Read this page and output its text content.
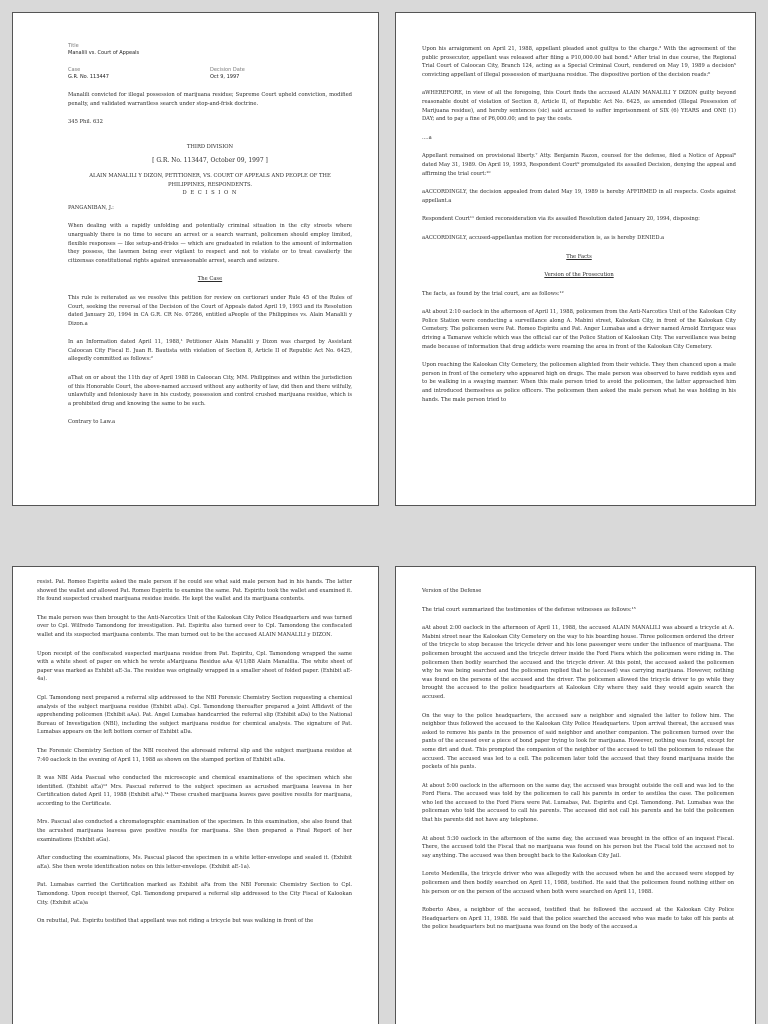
Title
Manalili vs. Court of Appeals
Case
G.R. No. 113447
Decision Date
Oct 9, 1997
Manalili convicted for illegal possession of marijuana residue; Supreme Court upheld conviction, modified penalty, and validated warrantless search under stop-and-frisk doctrine.
345 Phil. 632
THIRD DIVISION
[ G.R. No. 113447, October 09, 1997 ]
ALAIN MANALILI Y DIZON, PETITIONER, VS. COURT OF APPEALS AND PEOPLE OF THE PHILIPPINES, RESPONDENTS.
D E C I S I O N
PANGANIBAN, J.:
When dealing with a rapidly unfolding and potentially criminal situation in the city streets where unarguably there is no time to secure an arrest or a search warrant, policemen should employ limited, flexible responses — like setup-and-frisks — which are graduated in relation to the amount of information they possess, the lawmen being ever vigilant to respect and not to violate or to treat cavalierly the citizensas constitutional rights against unreasonable arrest, search and seizure.
The Case
This rule is reiterated as we resolve this petition for review on certiorari under Rule 45 of the Rules of Court, seeking the reversal of the Decision of the Court of Appeals dated April 19, 1993 and its Resolution dated January 20, 1994 in CA G.R. CR No. 07266, entitled aPeople of the Philippines vs. Alain Manalili y Dizon.a
In an Information dated April 11, 1988,¹ Petitioner Alain Manalili y Dizon was charged by Assistant Caloocan City Fiscal E. Juan R. Bautista with violation of Section 8, Article II of Republic Act No. 6425, allegedly committed as follows:²
aThat on or about the 11th day of April 1988 in Caloocan City, MM. Philippines and within the jurisdiction of this Honorable Court, the above-named accused without any authority of law, did then and there wilfully, unlawfully and feloniously have in his custody, possession and control crushed marijuana residue, which is a prohibited drug and knowing the same to be such.
Contrary to Law.a
Upon his arraignment on April 21, 1988, appellant pleaded anot guiltya to the charge.³ With the agreement of the public prosecutor, appellant was released after filing a P10,000.00 bail bond.⁴ After trial in due course, the Regional Trial Court of Caloocan City, Branch 124, acting as a Special Criminal Court, rendered on May 19, 1989 a decision⁵ convicting appellant of illegal possession of marijuana residue. The dispositive portion of the decision reads:⁶
aWHEREFORE, in view of all the foregoing, this Court finds the accused ALAIN MANALILI Y DIZON guilty beyond reasonable doubt of violation of Section 8, Article II, of Republic Act No. 6425, as amended (Illegal Possession of Marijuana residue), and hereby sentences (sic) said accused to suffer imprisonment of SIX (6) YEARS and ONE (1) DAY; and to pay a fine of P6,000.00; and to pay the costs.
....a
Appellant remained on provisional liberty.⁷ Atty. Benjamin Razon, counsel for the defense, filed a Notice of Appeal⁸ dated May 31, 1989. On April 19, 1993, Respondent Court⁹ promulgated its assailed Decision, denying the appeal and affirming the trial court:¹⁰
aACCORDINGLY, the decision appealed from dated May 19, 1989 is hereby AFFIRMED in all respects. Costs against appellant.a
Respondent Court¹¹ denied reconsideration via its assailed Resolution dated January 20, 1994, disposing:
aACCORDINGLY, accused-appellantas motion for reconsideration is, as is hereby DENIED.a
The Facts
Version of the Prosecution
The facts, as found by the trial court, are as follows:¹²
aAt about 2:10 oaclock in the afternoon of April 11, 1988, policemen from the Anti-Narcotics Unit of the Kalookan City Police Station were conducting a surveillance along A. Mabini street, Kalookan City, in front of the Kalookan City Cemetery. The policemen were Pat. Romeo Espiritu and Pat. Anger Lumabas and a driver named Arnold Enriquez was driving a Tamaraw vehicle which was the official car of the Police Station of Kalookan City. The surveillance was being made because of information that drug addicts were roaming the area in front of the Kalookan City Cemetery.
Upon reaching the Kalookan City Cemetery, the policemen alighted from their vehicle. They then chanced upon a male person in front of the cemetery who appeared high on drugs. The male person was observed to have reddish eyes and to be walking in a swaying manner. When this male person tried to avoid the policemen, the latter approached him and introduced themselves as police officers. The policemen then asked the male person what he was holding in his hands. The male person tried to
resist. Pat. Romeo Espiritu asked the male person if he could see what said male person had in his hands. The latter showed the wallet and allowed Pat. Romeo Espiritu to examine the same. Pat. Espiritu took the wallet and examined it. He found suspected crushed marijuana residue inside. He kept the wallet and its marijuana contents.
The male person was then brought to the Anti-Narcotics Unit of the Kalookan City Police Headquarters and was turned over to Cpl. Wilfredo Tamondong for investigation. Pat. Espiritu also turned over to Cpl. Tamondong the confiscated wallet and its suspected marijuana contents. The man turned out to be the accused ALAIN MANALILI y DIZON.
Upon receipt of the confiscated suspected marijuana residue from Pat. Espiritu, Cpl. Tamondong wrapped the same with a white sheet of paper on which he wrote aMarijuana Residue aAa 4/11/88 Alain Manalilia. The white sheet of paper was marked as Exhibit aE-3a. The residue was originally wrapped in a smaller sheet of folded paper. (Exhibit aE-4a).
Cpl. Tamondong next prepared a referral slip addressed to the NBI Forensic Chemistry Section requesting a chemical analysis of the subject marijuana residue (Exhibit aDa). Cpl. Tamondong thereafter prepared a Joint Affidavit of the apprehending policemen (Exhibit aAa). Pat. Angel Lumabas handcarried the referral slip (Exhibit aDa) to the National Bureau of Investigation (NBI), including the subject marijuana residue for chemical analysis. The signature of Pat. Lumabas appears on the left bottom corner of Exhibit aDa.
The Forensic Chemistry Section of the NBI received the aforesaid referral slip and the subject marijuana residue at 7:40 oaclock in the evening of April 11, 1988 as shown on the stamped portion of Exhibit aDa.
It was NBI Aida Pascual who conducted the microscopic and chemical examinations of the specimen which she identified. (Exhibit aEa)¹³ Mrs. Pascual referred to the subject specimen as acrushed marijuana leavesa in her Certification dated April 11, 1988 (Exhibit aFa).¹⁴ These crushed marijuana leaves gave positive results for marijuana, according to the Certificate.
Mrs. Pascual also conducted a chromatographic examination of the specimen. In this examination, she also found that the acrushed marijuana leavesa gave positive results for marijuana. She then prepared a Final Report of her examinations (Exhibit aGa).
After conducting the examinations, Ms. Pascual placed the specimen in a white letter-envelope and sealed it. (Exhibit aEa). She then wrote identification notes on this letter-envelope. (Exhibit aE-1a).
Pat. Lumabas carried the Certification marked as Exhibit aFa from the NBI Forensic Chemistry Section to Cpl. Tamondong. Upon receipt thereof, Cpl. Tamondong prepared a referral slip addressed to the City Fiscal of Kalookan City. (Exhibit aCa)a
On rebuttal, Pat. Espiritu testified that appellant was not riding a tricycle but was walking in front of the
Version of the Defense
The trial court summarized the testimonies of the defense witnesses as follows:¹⁵
aAt about 2:00 oaclock in the afternoon of April 11, 1988, the accused ALAIN MANALILI was aboard a tricycle at A. Mabini street near the Kalookan City Cemetery on the way to his boarding house. Three policemen ordered the driver of the tricycle to stop because the tricycle driver and his lone passenger were under the influence of marijuana. The policemen brought the accused and the tricycle driver inside the Ford Fiera which the policemen were riding in. The policemen then bodily searched the accused and the tricycle driver. At this point, the accused asked the policemen why he was being searched and the policemen replied that he (accused) was carrying marijuana. However, nothing was found on the persons of the accused and the driver. The policemen allowed the tricycle driver to go while they brought the accused to the police headquarters at Kalookan City where they said they would again search the accused.
On the way to the police headquarters, the accused saw a neighbor and signaled the latter to follow him. The neighbor thus followed the accused to the Kalookan City Police Headquarters. Upon arrival thereat, the accused was asked to remove his pants in the presence of said neighbor and another companion. The policemen turned over the pants of the accused over a piece of bond paper trying to look for marijuana. However, nothing was found, except for some dirt and dust. This prompted the companion of the neighbor of the accused to tell the policemen to release the accused. The accused was led to a cell. The policemen later told the accused that they found marijuana inside the pockets of his pants.
At about 5:00 oaclock in the afternoon on the same day, the accused was brought outside the cell and was led to the Ford Fiera. The accused was told by the policemen to call his parents in order to aestilea the case. The policemen who led the accused to the Ford Fiera were Pat. Lumabas, Pat. Espiritu and Cpl. Tamondong. Pat. Lumabas was the policeman who told the accused to call his parents. The accused did not call his parents and he told the policemen that his parents did not have any telephone.
At about 5:30 oaclock in the afternoon of the same day, the accused was brought in the office of an inquest Fiscal. There, the accused told the Fiscal that no marijuana was found on his person but the Fiscal told the accused not to say anything. The accused was then brought back to the Kalookan City Jail.
Loreto Medenilla, the tricycle driver who was allegedly with the accused when he and the accused were stopped by policemen and then bodily searched on April 11, 1988, testified. He said that the policemen found nothing either on his person or on the person of the accused when both were searched on April 11, 1988.
Roberto Abes, a neighbor of the accused, testified that he followed the accused at the Kalookan City Police Headquarters on April 11, 1988. He said that the police searched the accused who was made to take off his pants at the police headquarters but no marijuana was found on the body of the accused.a
